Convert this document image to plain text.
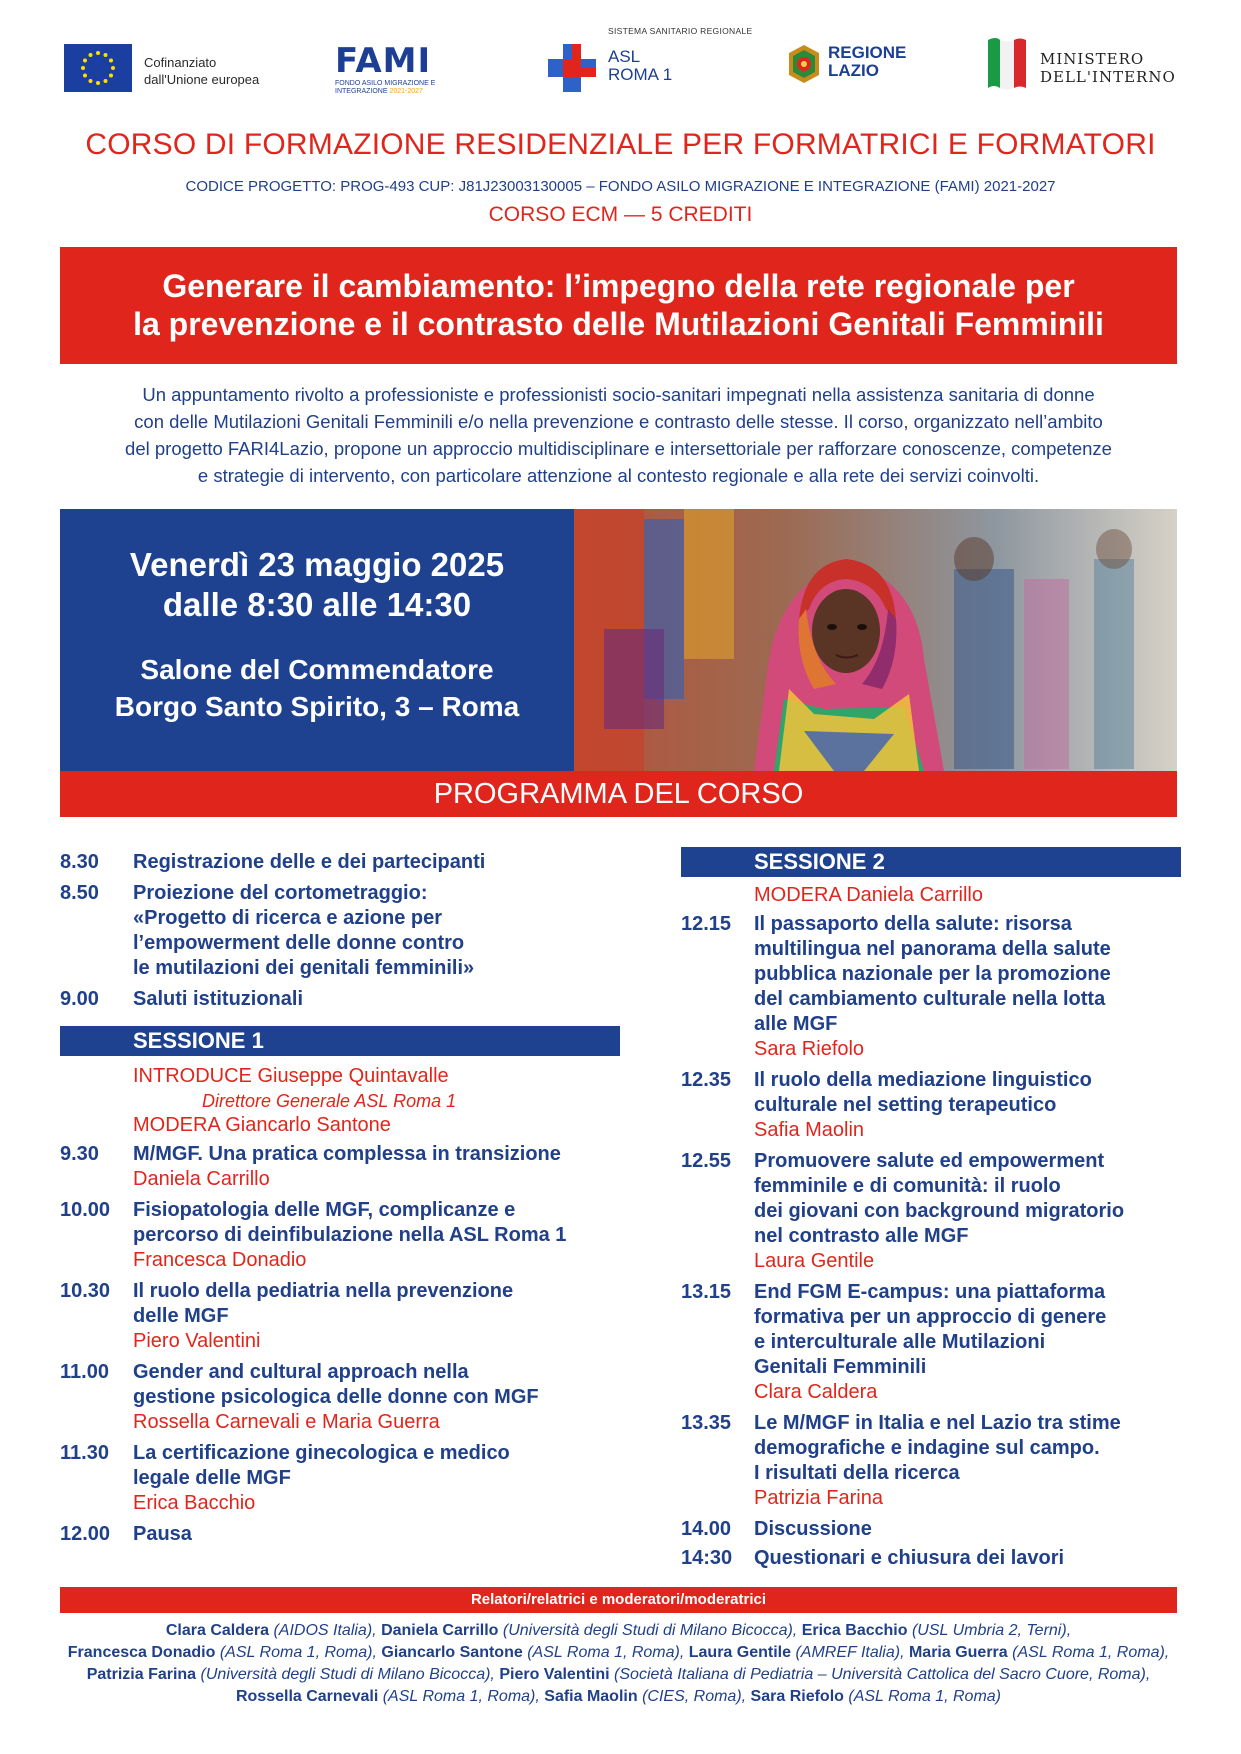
Cofinanziato
dall'Unione europea	FAMI
FONDO ASILO MIGRAZIONE E
INTEGRAZIONE 2021-2027
SISTEMA SANITARIO REGIONALE
ASL
ROMA 1
REGIONE
LAZIO
MINISTERO
DELL'INTERNO
CORSO DI FORMAZIONE RESIDENZIALE PER FORMATRICI E FORMATORI
CODICE PROGETTO: PROG-493 CUP: J81J23003130005 – FONDO ASILO MIGRAZIONE E INTEGRAZIONE (FAMI) 2021-2027
CORSO ECM — 5 CREDITI
Generare il cambiamento: l’impegno della rete regionale per
la prevenzione e il contrasto delle Mutilazioni Genitali Femminili
Un appuntamento rivolto a professioniste e professionisti socio-sanitari impegnati nella assistenza sanitaria di donne
con delle Mutilazioni Genitali Femminili e/o nella prevenzione e contrasto delle stesse. Il corso, organizzato nell’ambito
del progetto FARI4Lazio, propone un approccio multidisciplinare e intersettoriale per rafforzare conoscenze, competenze
e strategie di intervento, con particolare attenzione al contesto regionale e alla rete dei servizi coinvolti.
Venerdì 23 maggio 2025
dalle 8:30 alle 14:30
Salone del Commendatore
Borgo Santo Spirito, 3 – Roma
PROGRAMMA DEL CORSO
8.30	Registrazione delle e dei partecipanti
8.50	Proiezione del cortometraggio:
«Progetto di ricerca e azione per
l’empowerment delle donne contro
le mutilazioni dei genitali femminili»
9.00	Saluti istituzionali
SESSIONE 1
INTRODUCE Giuseppe Quintavalle
Direttore Generale ASL Roma 1
MODERA Giancarlo Santone
9.30	M/MGF. Una pratica complessa in transizione
Daniela Carrillo
10.00	Fisiopatologia delle MGF, complicanze e
percorso di deinfibulazione nella ASL Roma 1
Francesca Donadio
10.30	Il ruolo della pediatria nella prevenzione
delle MGF
Piero Valentini
11.00	Gender and cultural approach nella
gestione psicologica delle donne con MGF
Rossella Carnevali e Maria Guerra
11.30	La certificazione ginecologica e medico
legale delle MGF
Erica Bacchio
12.00	Pausa
SESSIONE 2
MODERA Daniela Carrillo
12.15	Il passaporto della salute: risorsa
multilingua nel panorama della salute
pubblica nazionale per la promozione
del cambiamento culturale nella lotta
alle MGF
Sara Riefolo
12.35	Il ruolo della mediazione linguistico
culturale nel setting terapeutico
Safia Maolin
12.55	Promuovere salute ed empowerment
femminile e di comunità: il ruolo
dei giovani con background migratorio
nel contrasto alle MGF
Laura Gentile
13.15	End FGM E-campus: una piattaforma
formativa per un approccio di genere
e interculturale alle Mutilazioni
Genitali Femminili
Clara Caldera
13.35	Le M/MGF in Italia e nel Lazio tra stime
demografiche e indagine sul campo.
I risultati della ricerca
Patrizia Farina
14.00	Discussione
14:30	Questionari e chiusura dei lavori
Relatori/relatrici e moderatori/moderatrici
Clara Caldera (AIDOS Italia), Daniela Carrillo (Università degli Studi di Milano Bicocca), Erica Bacchio (USL Umbria 2, Terni),
Francesca Donadio (ASL Roma 1, Roma), Giancarlo Santone (ASL Roma 1, Roma), Laura Gentile (AMREF Italia), Maria Guerra (ASL Roma 1, Roma),
Patrizia Farina (Università degli Studi di Milano Bicocca), Piero Valentini (Società Italiana di Pediatria – Università Cattolica del Sacro Cuore, Roma),
Rossella Carnevali (ASL Roma 1, Roma), Safia Maolin (CIES, Roma), Sara Riefolo (ASL Roma 1, Roma)
